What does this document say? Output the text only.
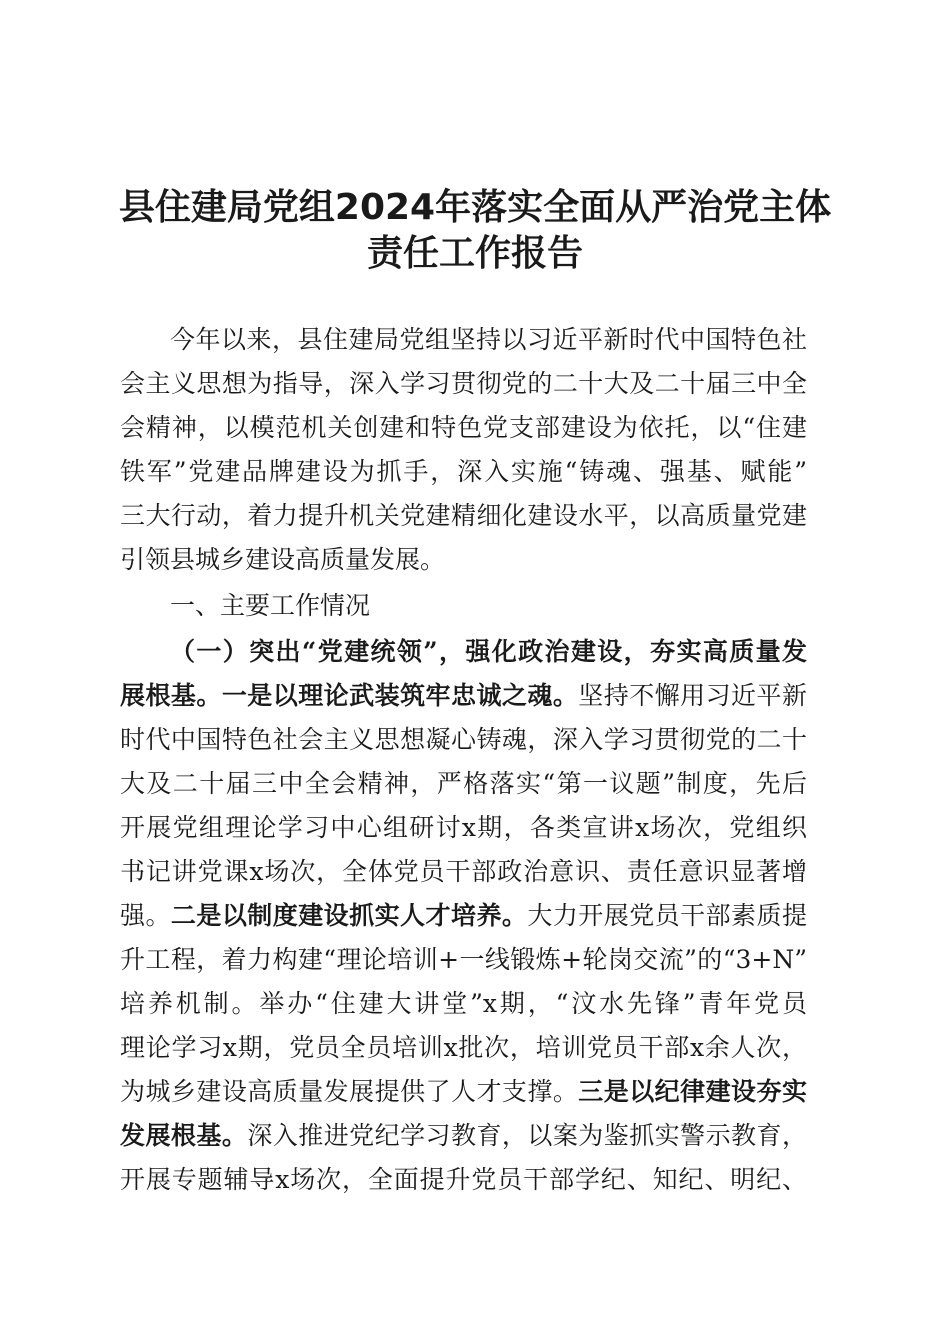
县住建局党组2024年落实全面从严治党主体
责任工作报告
今年以来，县住建局党组坚持以习近平新时代中国特色社
会主义思想为指导，深入学习贯彻党的二十大及二十届三中全
会精神，以模范机关创建和特色党支部建设为依托，以“住建
铁军”党建品牌建设为抓手，深入实施“铸魂、强基、赋能”
三大行动，着力提升机关党建精细化建设水平，以高质量党建
引领县城乡建设高质量发展。
一、主要工作情况
（一）突出“党建统领”，强化政治建设，夯实高质量发
展根基。一是以理论武装筑牢忠诚之魂。坚持不懈用习近平新
时代中国特色社会主义思想凝心铸魂，深入学习贯彻党的二十
大及二十届三中全会精神，严格落实“第一议题”制度，先后
开展党组理论学习中心组研讨x期，各类宣讲x场次，党组织
书记讲党课x场次，全体党员干部政治意识、责任意识显著增
强。二是以制度建设抓实人才培养。大力开展党员干部素质提
升工程，着力构建“理论培训+一线锻炼+轮岗交流”的“3+N”
培养机制。举办“住建大讲堂”x期，“汶水先锋”青年党员
理论学习x期，党员全员培训x批次，培训党员干部x余人次，
为城乡建设高质量发展提供了人才支撑。三是以纪律建设夯实
发展根基。深入推进党纪学习教育，以案为鉴抓实警示教育，
开展专题辅导x场次，全面提升党员干部学纪、知纪、明纪、
